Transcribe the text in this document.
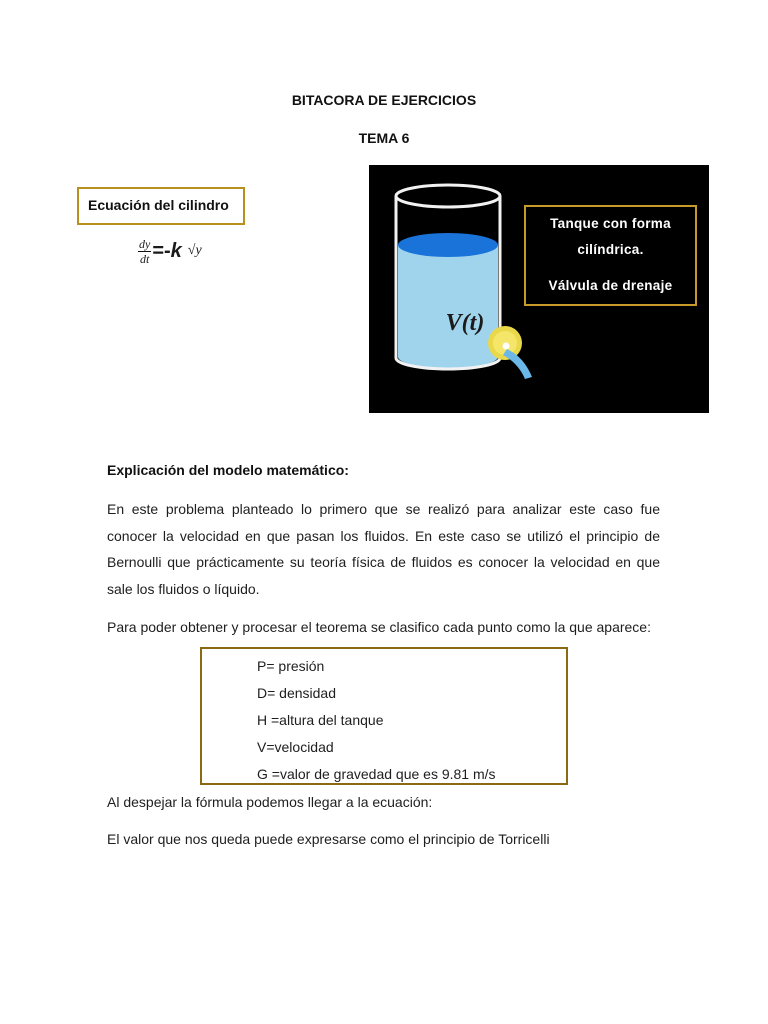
BITACORA DE EJERCICIOS
TEMA 6
Ecuación del cilindro
$\frac{dy}{dt} =- k$ √y
V(t)
Tanque con forma cilíndrica.
Válvula de drenaje
Explicación del modelo matemático:
En este problema planteado lo primero que se realizó para analizar este caso fue conocer la velocidad en que pasan los fluidos. En este caso se utilizó el principio de Bernoulli que prácticamente su teoría física de fluidos es conocer la velocidad en que sale los fluidos o líquido.
Para poder obtener y procesar el teorema se clasifico cada punto como la que aparece:
P= presión
D= densidad
H =altura del tanque
V=velocidad
G =valor de gravedad que es 9.81 m/s
Al despejar la fórmula podemos llegar a la ecuación:
El valor que nos queda puede expresarse como el principio de Torricelli
